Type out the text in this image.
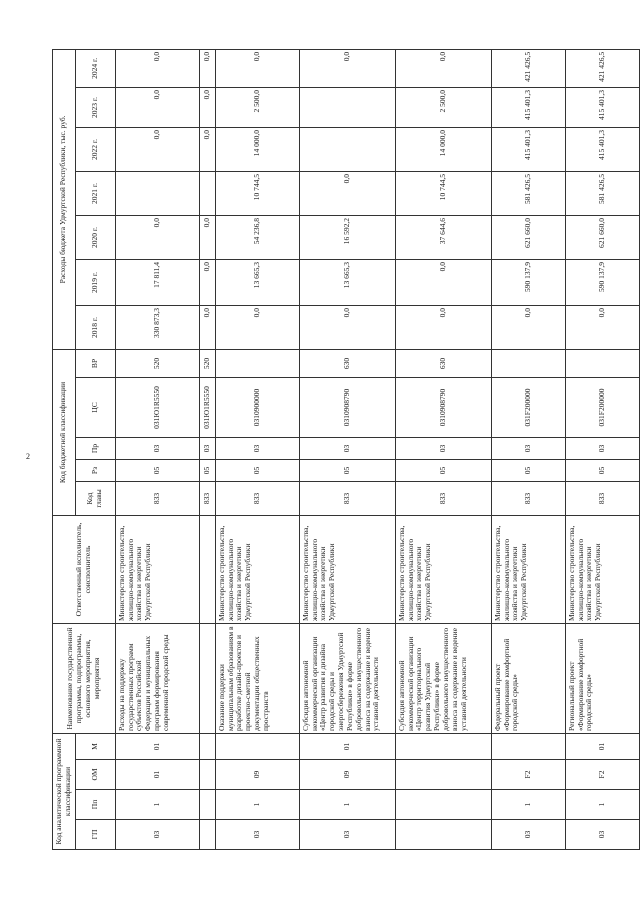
2
Код аналитической программной классификации				Наименование государственной программы, подпрограммы, основного мероприятия, мероприятия	Ответственный исполнитель, соисполнитель	Код бюджетной классификации					Расходы бюджета Удмуртской Республики, тыс. руб.						
ГП	Пп	ОМ	М			Код главы	Рз	Пр	ЦС	ВР	2018 г.	2019 г.	2020 г.	2021 г.	2022 г.	2023 г.	2024 г.
03	1	01	01	Расходы на поддержку государственных программ субъектов Российской Федерации и муниципальных программ формирования современной городской среды	Министерство строительства, жилищно-коммунального хозяйства и энергетики Удмуртской Республики	833	05	03	031Ю1R5550	520	330 873,3	17 811,4	0,0		0,0	0,0	0,0
						833	05	03	031Ю1R5550	520	0,0	0,0	0,0		0,0	0,0	0,0
03	1	09		Оказание поддержки муниципальным образованиям в разработке дизайн-проектов и проектно-сметной документации общественных пространств	Министерство строительства, жилищно-коммунального хозяйства и энергетики Удмуртской Республики	833	05	03	0310900000		0,0	13 665,3	54 236,8	10 744,5	14 000,0	2 500,0	0,0
03	1	09	01	Субсидия автономной некоммерческой организации «Центр развития и дизайна городской среды и энергосбережения Удмуртской Республики» в форме добровольного имущественного взноса на содержание и ведение уставной деятельности	Министерство строительства, жилищно-коммунального хозяйства и энергетики Удмуртской Республики	833	05	03	0310908790	630	0,0	13 665,3	16 592,2	0,0			0,0
				Субсидия автономной некоммерческой организации «Центр территориального развития Удмуртской Республики» в форме добровольного имущественного взноса на содержание и ведение уставной деятельности	Министерство строительства, жилищно-коммунального хозяйства и энергетики Удмуртской Республики	833	05	03	0310908790	630	0,0	0,0	37 644,6	10 744,5	14 000,0	2 500,0	0,0
03	1	F2		Федеральный проект «Формирование комфортной городской среды»	Министерство строительства, жилищно-коммунального хозяйства и энергетики Удмуртской Республики	833	05	03	031F200000		0,0	590 137,9	621 660,0	581 426,5	415 401,3	415 401,3	421 426,5
03	1	F2	01	Региональный проект «Формирование комфортной городской среды»	Министерство строительства, жилищно-коммунального хозяйства и энергетики Удмуртской Республики	833	05	03	031F200000		0,0	590 137,9	621 660,0	581 426,5	415 401,3	415 401,3	421 426,5
